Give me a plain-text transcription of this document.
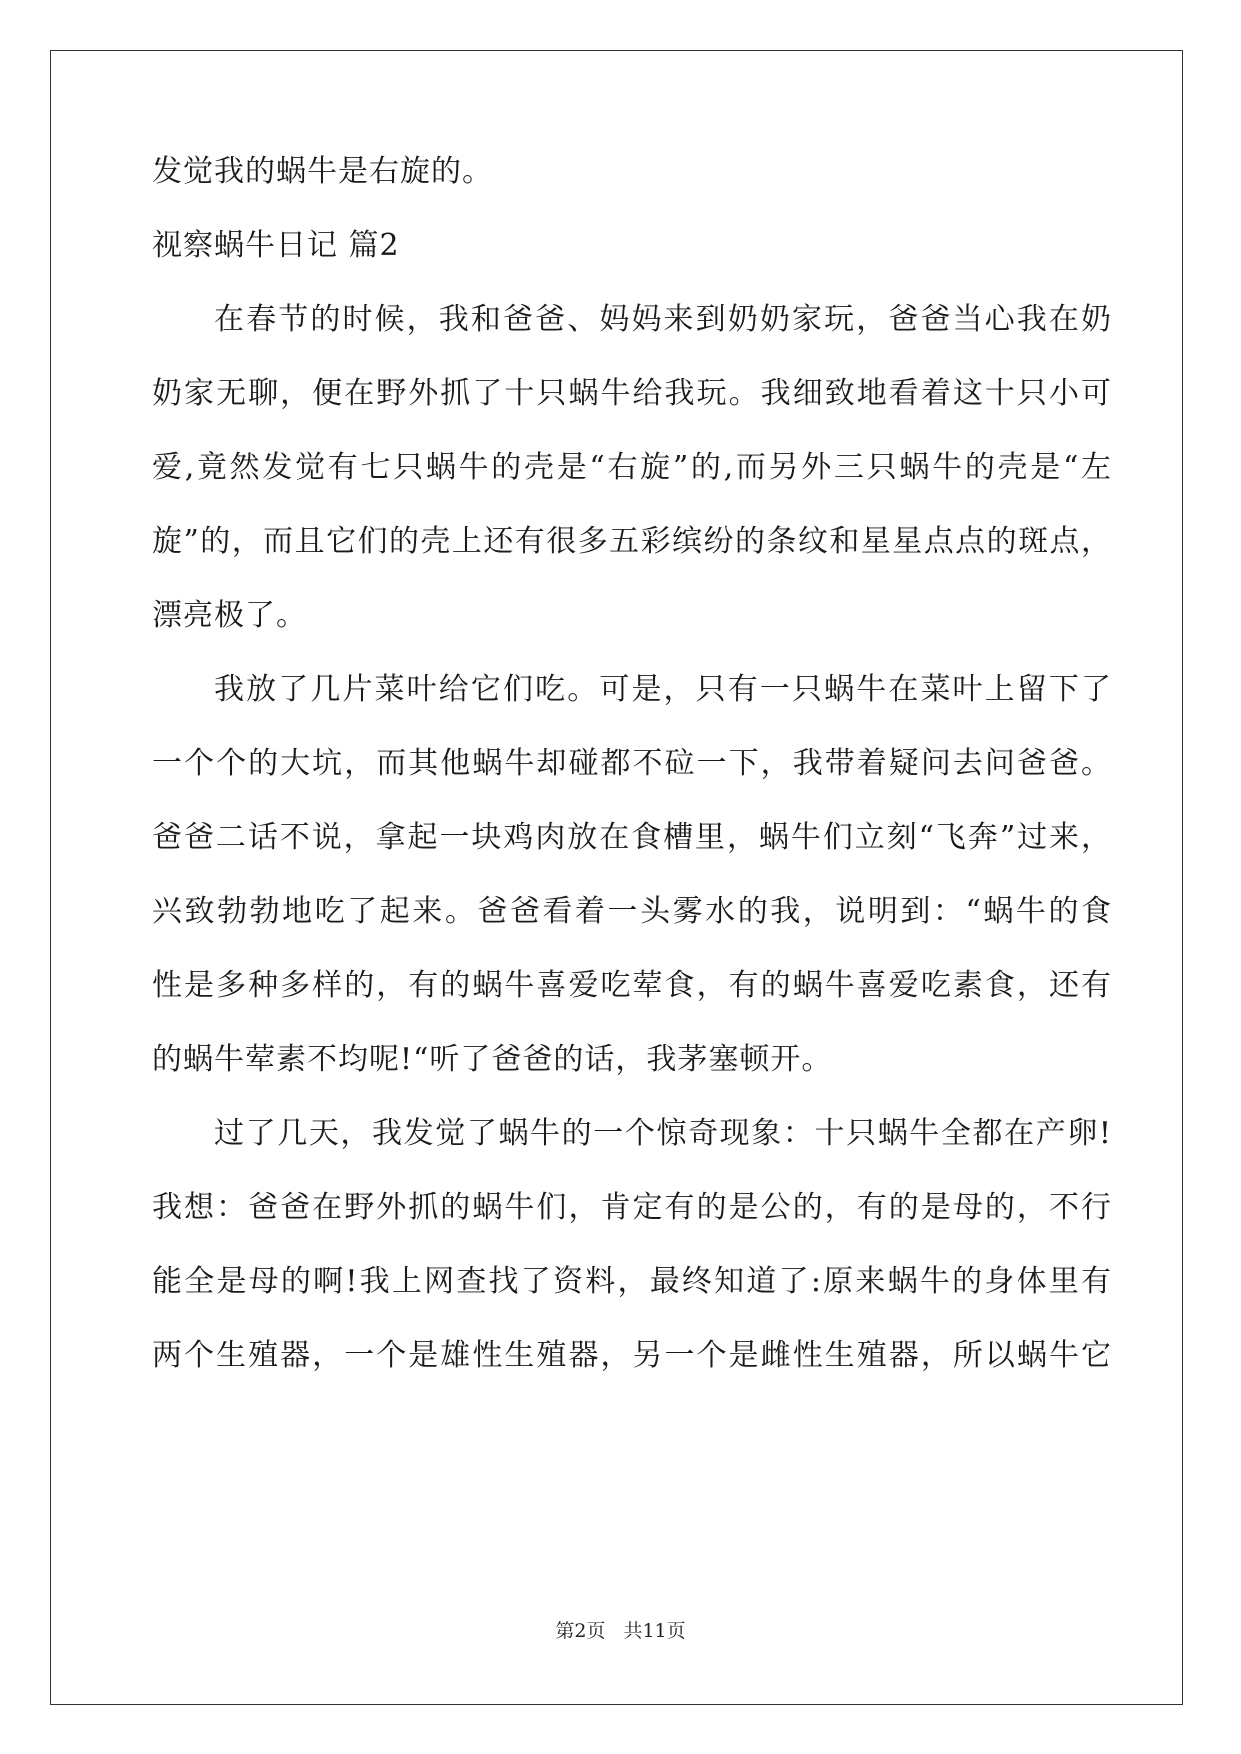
发觉我的蜗牛是右旋的。
视察蜗牛日记 篇2
在春节的时候，我和爸爸、妈妈来到奶奶家玩，爸爸当心我在奶
奶家无聊，便在野外抓了十只蜗牛给我玩。我细致地看着这十只小可
爱,竟然发觉有七只蜗牛的壳是“右旋”的,而另外三只蜗牛的壳是“左
旋”的，而且它们的壳上还有很多五彩缤纷的条纹和星星点点的斑点，
漂亮极了。
我放了几片菜叶给它们吃。可是，只有一只蜗牛在菜叶上留下了
一个个的大坑，而其他蜗牛却碰都不砬一下，我带着疑问去问爸爸。
爸爸二话不说，拿起一块鸡肉放在食槽里，蜗牛们立刻“飞奔”过来，
兴致勃勃地吃了起来。爸爸看着一头雾水的我，说明到：“蜗牛的食
性是多种多样的，有的蜗牛喜爱吃荤食，有的蜗牛喜爱吃素食，还有
的蜗牛荤素不均呢!“听了爸爸的话，我茅塞顿开。
过了几天，我发觉了蜗牛的一个惊奇现象：十只蜗牛全都在产卵!
我想：爸爸在野外抓的蜗牛们，肯定有的是公的，有的是母的，不行
能全是母的啊!我上网查找了资料，最终知道了:原来蜗牛的身体里有
两个生殖器，一个是雄性生殖器，另一个是雌性生殖器，所以蜗牛它
第2页 共11页
